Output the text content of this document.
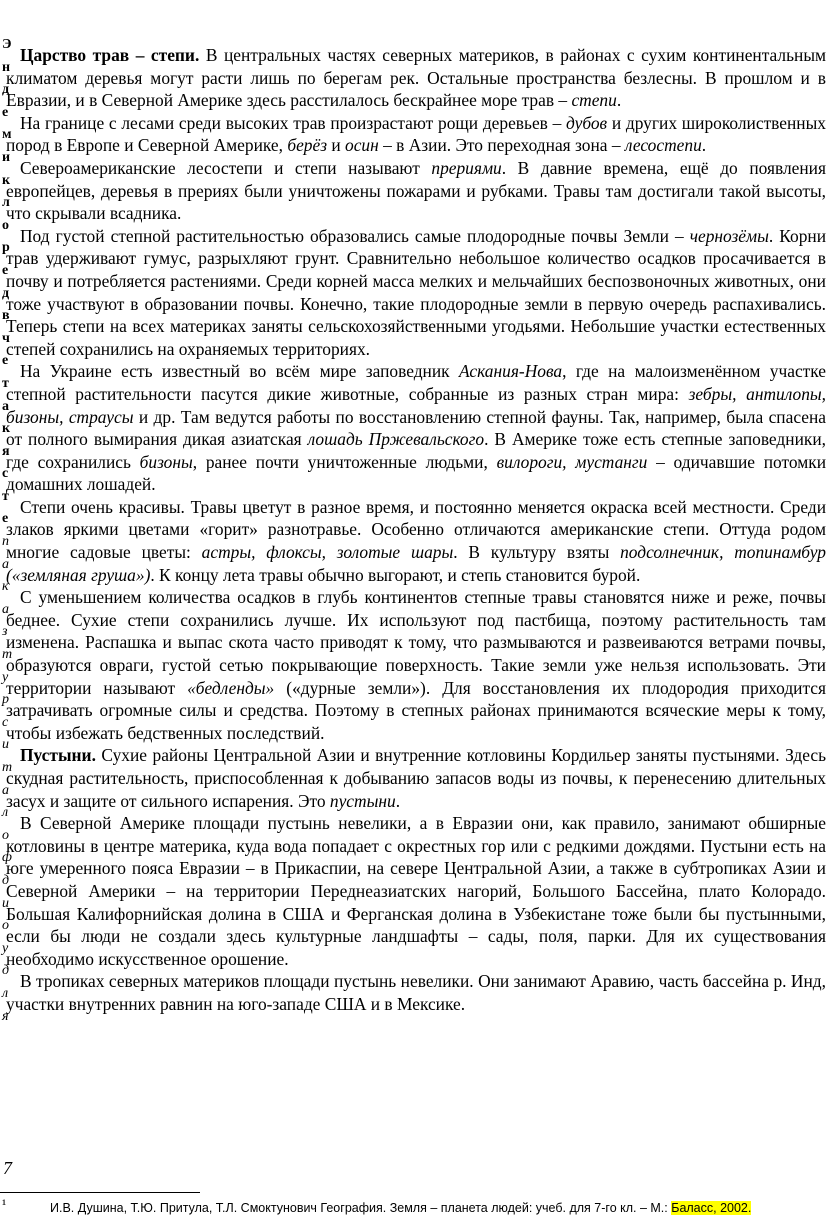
Э
н
д
е
м
и
к
л
о
р
е
д
в
ч
е
т
а
к
я
с
т
е
п
а
к
а
з
т
у
р
с
и
т
а
л
о
ф
д
и
о
у
д
л
я
7

Царство трав – степи. В центральных частях северных материков, в районах с сухим континентальным климатом деревья могут расти лишь по берегам рек. Остальные пространства безлесны. В прошлом и в Евразии, и в Северной Америке здесь расстилалось бескрайнее море трав – степи.

На границе с лесами среди высоких трав произрастают рощи деревьев – дубов и других широколиственных пород в Европе и Северной Америке, берёз и осин – в Азии. Это переходная зона – лесостепи.

Североамериканские лесостепи и степи называют прериями. В давние времена, ещё до появления европейцев, деревья в прериях были уничтожены пожарами и рубками. Травы там достигали такой высоты, что скрывали всадника.

Под густой степной растительностью образовались самые плодородные почвы Земли – чернозёмы. Корни трав удерживают гумус, разрыхляют грунт. Сравнительно небольшое количество осадков просачивается в почву и потребляется растениями. Среди корней масса мелких и мельчайших беспозвоночных животных, они тоже участвуют в образовании почвы. Конечно, такие плодородные земли в первую очередь распахивались. Теперь степи на всех материках заняты сельскохозяйственными угодьями. Небольшие участки естественных степей сохранились на охраняемых территориях.

На Украине есть известный во всём мире заповедник Аскания-Нова, где на малоизменённом участке степной растительности пасутся дикие животные, собранные из разных стран мира: зебры, антилопы, бизоны, страусы и др. Там ведутся работы по восстановлению степной фауны. Так, например, была спасена от полного вымирания дикая азиатская лошадь Пржевальского. В Америке тоже есть степные заповедники, где сохранились бизоны, ранее почти уничтоженные людьми, вилороги, мустанги – одичавшие потомки домашних лошадей.

Степи очень красивы. Травы цветут в разное время, и постоянно меняется окраска всей местности. Среди злаков яркими цветами «горит» разнотравье. Особенно отличаются американские степи. Оттуда родом многие садовые цветы: астры, флоксы, золотые шары. В культуру взяты подсолнечник, топинамбур («земляная груша»). К концу лета травы обычно выгорают, и степь становится бурой.

С уменьшением количества осадков в глубь континентов степные травы становятся ниже и реже, почвы беднее. Сухие степи сохранились лучше. Их используют под пастбища, поэтому растительность там изменена. Распашка и выпас скота часто приводят к тому, что размываются и развеиваются ветрами почвы, образуются овраги, густой сетью покрывающие поверхность. Такие земли уже нельзя использовать. Эти территории называют «бедленды» («дурные земли»). Для восстановления их плодородия приходится затрачивать огромные силы и средства. Поэтому в степных районах принимаются всяческие меры к тому, чтобы избежать бедственных последствий.

Пустыни. Сухие районы Центральной Азии и внутренние котловины Кордильер заняты пустынями. Здесь скудная растительность, приспособленная к добыванию запасов воды из почвы, к перенесению длительных засух и защите от сильного испарения. Это пустыни.

В Северной Америке площади пустынь невелики, а в Евразии они, как правило, занимают обширные котловины в центре материка, куда вода попадает с окрестных гор или с редкими дождями. Пустыни есть на юге умеренного пояса Евразии – в Прикаспии, на севере Центральной Азии, а также в субтропиках Азии и Северной Америки – на территории Переднеазиатских нагорий, Большого Бассейна, плато Колорадо. Большая Калифорнийская долина в США и Ферганская долина в Узбекистане тоже были бы пустынными, если бы люди не создали здесь культурные ландшафты – сады, поля, парки. Для их существования необходимо искусственное орошение.

В тропиках северных материков площади пустынь невелики. Они занимают Аравию, часть бассейна р. Инд, участки внутренних равнин на юго-западе США и в Мексике.

¹	И.В. Душина, Т.Ю. Притула, Т.Л. Смоктунович География. Земля – планета людей: учеб. для 7-го кл. – М.: Баласс, 2002.
